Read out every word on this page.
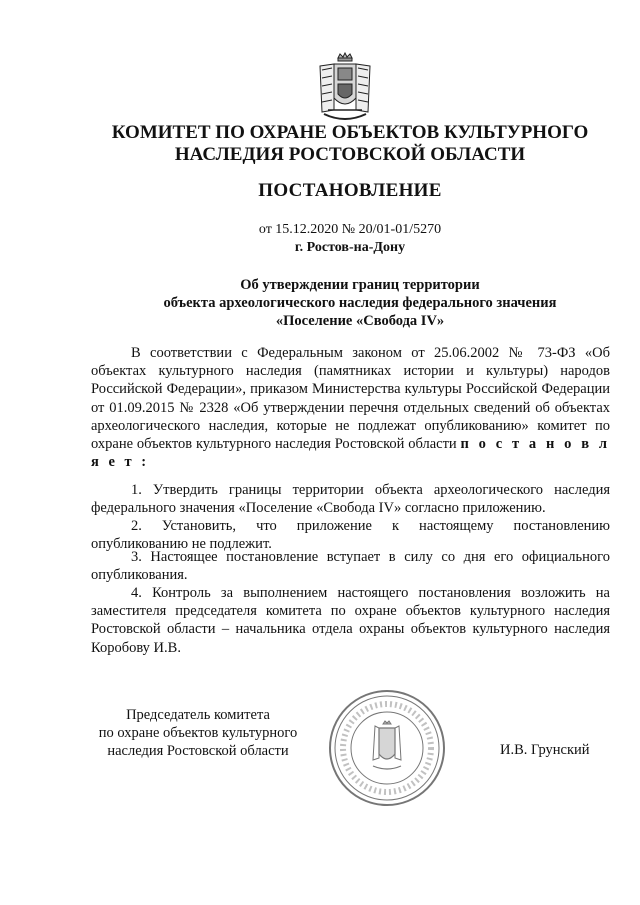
КОМИТЕТ ПО ОХРАНЕ ОБЪЕКТОВ КУЛЬТУРНОГО
НАСЛЕДИЯ РОСТОВСКОЙ ОБЛАСТИ
ПОСТАНОВЛЕНИЕ
от 15.12.2020 № 20/01-01/5270
г. Ростов-на-Дону
Об утверждении границ территории
объекта археологического наследия федерального значения
«Поселение «Свобода IV»
В соответствии с Федеральным законом от 25.06.2002 № 73-ФЗ «Об объектах культурного наследия (памятниках истории и культуры) народов Российской Федерации», приказом Министерства культуры Российской Федерации от 01.09.2015 № 2328 «Об утверждении перечня отдельных сведений об объектах археологического наследия, которые не подлежат опубликованию» комитет по охране объектов культурного наследия Ростовской области п о с т а н о в л я е т :
1. Утвердить границы территории объекта археологического наследия федерального значения «Поселение «Свобода IV» согласно приложению.
2. Установить, что приложение к настоящему постановлению опубликованию не подлежит.
3. Настоящее постановление вступает в силу со дня его официального опубликования.
4. Контроль за выполнением настоящего постановления возложить на заместителя председателя комитета по охране объектов культурного наследия Ростовской области – начальника отдела охраны объектов культурного наследия Коробову И.В.
Председатель комитета
по охране объектов культурного
наследия Ростовской области	И.В. Грунский
